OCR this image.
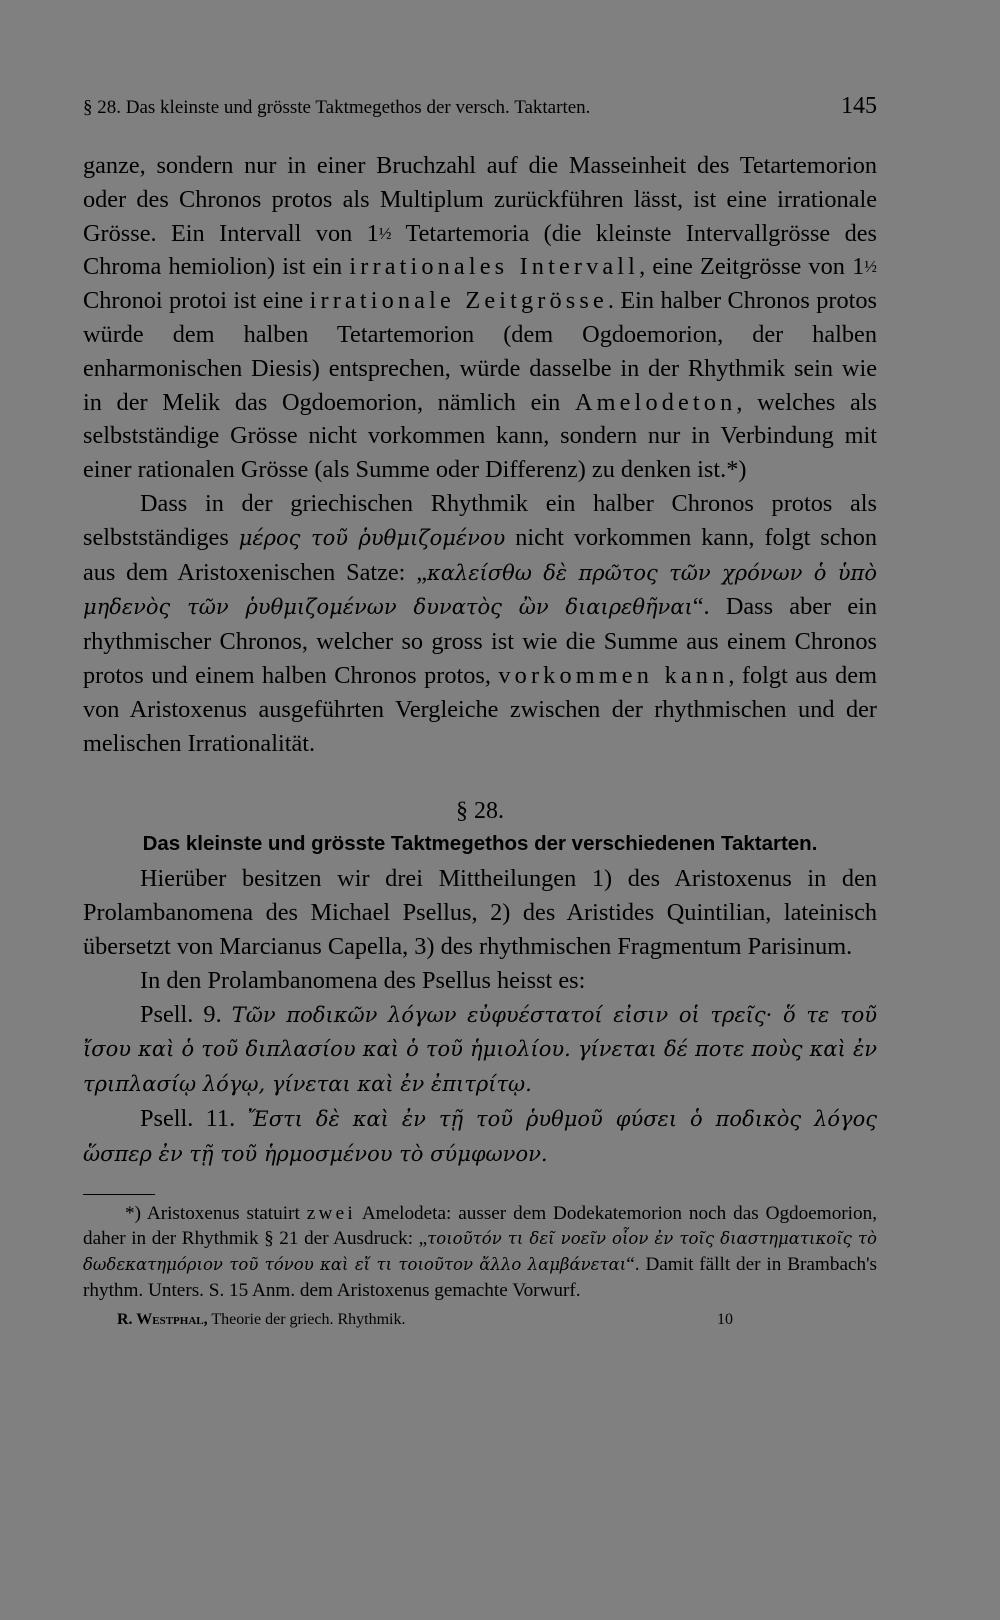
§ 28. Das kleinste und grösste Taktmegethos der versch. Taktarten.	145

ganze, sondern nur in einer Bruchzahl auf die Masseinheit des Tetartemorion oder des Chronos protos als Multiplum zurückführen lässt, ist eine irrationale Grösse. Ein Intervall von 1½ Tetartemoria (die kleinste Intervallgrösse des Chroma hemiolion) ist ein irrationales Intervall, eine Zeitgrösse von 1½ Chronoi protoi ist eine irrationale Zeitgrösse. Ein halber Chronos protos würde dem halben Tetartemorion (dem Ogdoemorion, der halben enharmonischen Diesis) entsprechen, würde dasselbe in der Rhythmik sein wie in der Melik das Ogdoemorion, nämlich ein Amelodeton, welches als selbstständige Grösse nicht vorkommen kann, sondern nur in Verbindung mit einer rationalen Grösse (als Summe oder Differenz) zu denken ist.*)

Dass in der griechischen Rhythmik ein halber Chronos protos als selbstständiges μέρος τοῦ ῥυθμιζομένου nicht vorkommen kann, folgt schon aus dem Aristoxenischen Satze: „καλείσθω δὲ πρῶτος τῶν χρόνων ὁ ὑπὸ μηδενὸς τῶν ῥυθμιζομένων δυνατὸς ὢν διαιρεθῆναι“. Dass aber ein rhythmischer Chronos, welcher so gross ist wie die Summe aus einem Chronos protos und einem halben Chronos protos, vorkommen kann, folgt aus dem von Aristoxenus ausgeführten Vergleiche zwischen der rhythmischen und der melischen Irrationalität.

§ 28.
Das kleinste und grösste Taktmegethos der verschiedenen Taktarten.

Hierüber besitzen wir drei Mittheilungen 1) des Aristoxenus in den Prolambanomena des Michael Psellus, 2) des Aristides Quintilian, lateinisch übersetzt von Marcianus Capella, 3) des rhythmischen Fragmentum Parisinum.

In den Prolambanomena des Psellus heisst es:

Psell. 9. Τῶν ποδικῶν λόγων εὐφυέστατοί εἰσιν οἱ τρεῖς· ὅ τε τοῦ ἴσου καὶ ὁ τοῦ διπλασίου καὶ ὁ τοῦ ἡμιολίου. γίνεται δέ ποτε ποὺς καὶ ἐν τριπλασίῳ λόγῳ, γίνεται καὶ ἐν ἐπιτρίτῳ.

Psell. 11. Ἔστι δὲ καὶ ἐν τῇ τοῦ ῥυθμοῦ φύσει ὁ ποδικὸς λόγος ὥσπερ ἐν τῇ τοῦ ἡρμοσμένου τὸ σύμφωνον.

*) Aristoxenus statuirt zwei Amelodeta: ausser dem Dodekatemorion noch das Ogdoemorion, daher in der Rhythmik § 21 der Ausdruck: „τοιοῦτόν τι δεῖ νοεῖν οἷον ἐν τοῖς διαστηματικοῖς τὸ δωδεκατημόριον τοῦ τόνου καὶ εἴ τι τοιοῦτον ἄλλο λαμβάνεται“. Damit fällt der in Brambach's rhythm. Unters. S. 15 Anm. dem Aristoxenus gemachte Vorwurf.

R. Westphal, Theorie der griech. Rhythmik.	10
